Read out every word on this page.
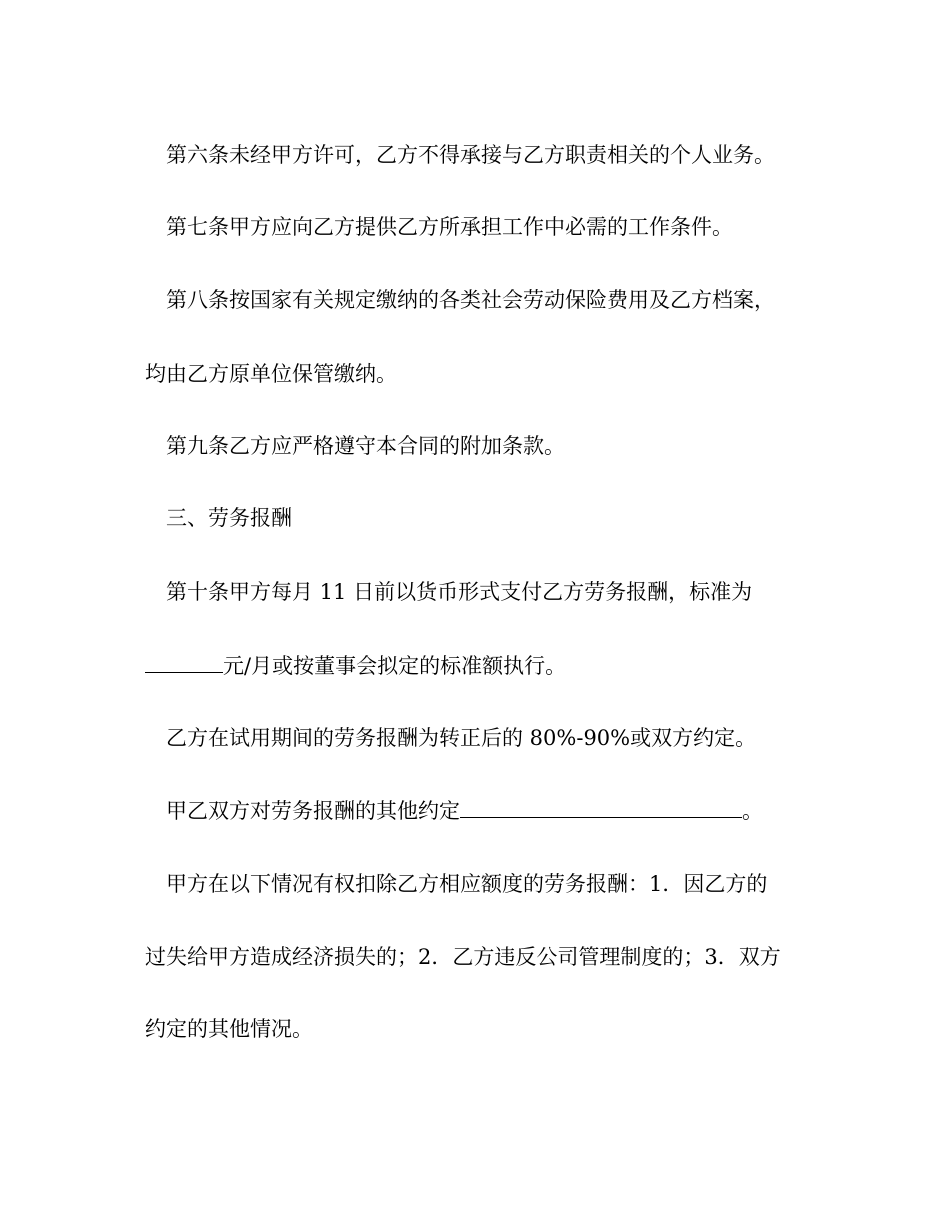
第六条未经甲方许可，乙方不得承接与乙方职责相关的个人业务。
第七条甲方应向乙方提供乙方所承担工作中必需的工作条件。
第八条按国家有关规定缴纳的各类社会劳动保险费用及乙方档案，
均由乙方原单位保管缴纳。
第九条乙方应严格遵守本合同的附加条款。
三、劳务报酬
第十条甲方每月 11 日前以货币形式支付乙方劳务报酬，标准为
元/月或按董事会拟定的标准额执行。
乙方在试用期间的劳务报酬为转正后的 80%-90%或双方约定。
甲乙双方对劳务报酬的其他约定	。
甲方在以下情况有权扣除乙方相应额度的劳务报酬：1．因乙方的
过失给甲方造成经济损失的；2．乙方违反公司管理制度的；3．双方
约定的其他情况。
